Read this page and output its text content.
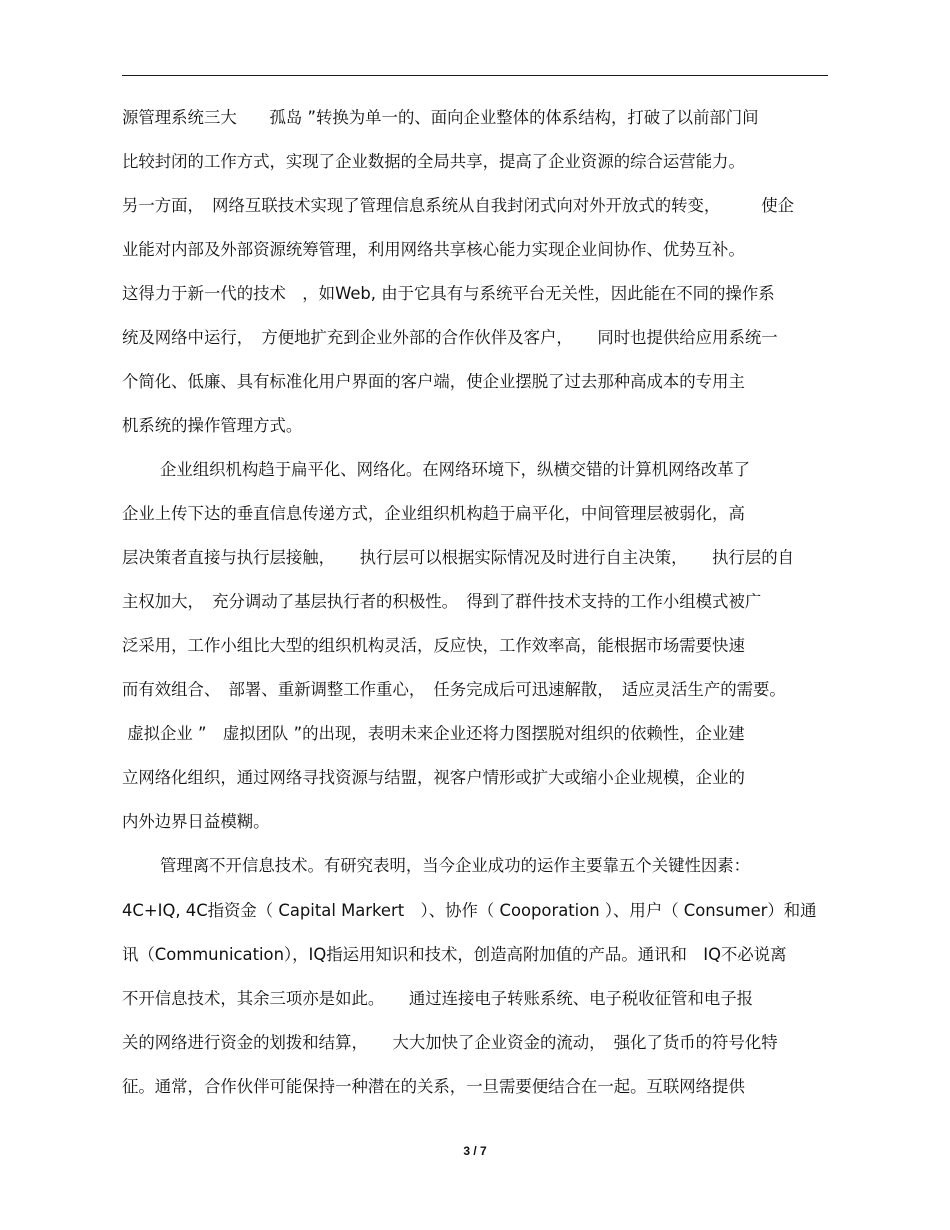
源管理系统三大　　孤岛 ”转换为单一的、面向企业整体的体系结构，打破了以前部门间
比较封闭的工作方式，实现了企业数据的全局共享，提高了企业资源的综合运营能力。
另一方面，　网络互联技术实现了管理信息系统从自我封闭式向对外开放式的转变，　　　使企
业能对内部及外部资源统筹管理，利用网络共享核心能力实现企业间协作、优势互补。
这得力于新一代的技术　，如Web, 由于它具有与系统平台无关性，因此能在不同的操作系
统及网络中运行，　方便地扩充到企业外部的合作伙伴及客户，　　同时也提供给应用系统一
个简化、低廉、具有标准化用户界面的客户端，使企业摆脱了过去那种高成本的专用主
机系统的操作管理方式。
企业组织机构趋于扁平化、网络化。在网络环境下，纵横交错的计算机网络改革了
企业上传下达的垂直信息传递方式，企业组织机构趋于扁平化，中间管理层被弱化，高
层决策者直接与执行层接触，　　执行层可以根据实际情况及时进行自主决策，　　执行层的自
主权加大，　充分调动了基层执行者的积极性。　得到了群件技术支持的工作小组模式被广
泛采用，工作小组比大型的组织机构灵活，反应快，工作效率高，能根据市场需要快速
而有效组合、　部署、重新调整工作重心，　任务完成后可迅速解散，　适应灵活生产的需要。
虚拟企业 ”　虚拟团队 ”的出现，表明未来企业还将力图摆脱对组织的依赖性，企业建
立网络化组织，通过网络寻找资源与结盟，视客户情形或扩大或缩小企业规模，企业的
内外边界日益模糊。
管理离不开信息技术。有研究表明，当今企业成功的运作主要靠五个关键性因素：
4C+IQ, 4C指资金（ Capital Markert　）、协作（ Cooporation ）、用户（ Consumer）和通
讯（Communication），IQ指运用知识和技术，创造高附加值的产品。通讯和　IQ不必说离
不开信息技术，其余三项亦是如此。　　通过连接电子转账系统、电子税收征管和电子报
关的网络进行资金的划拨和结算，　　大大加快了企业资金的流动，　强化了货币的符号化特
征。通常，合作伙伴可能保持一种潜在的关系，一旦需要便结合在一起。互联网络提供
3 / 7
